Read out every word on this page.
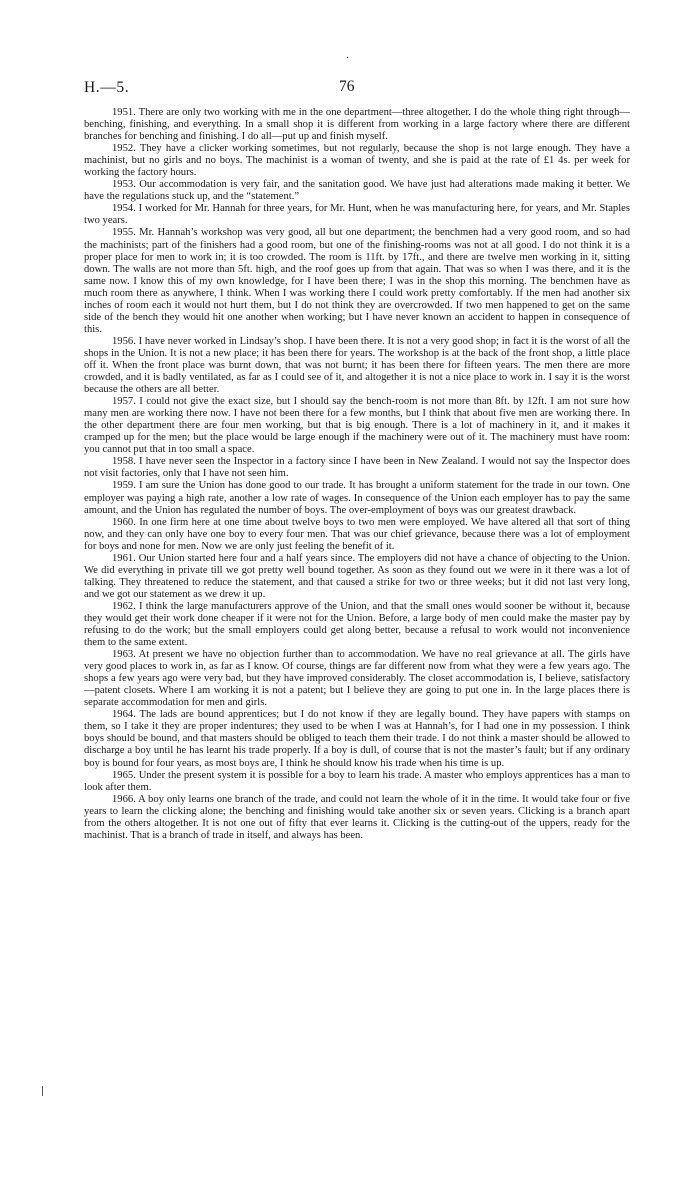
·
H.—5.	76

1951. There are only two working with me in the one department—three altogether. I do the whole thing right through—benching, finishing, and everything. In a small shop it is different from working in a large factory where there are different branches for benching and finishing. I do all—put up and finish myself.

1952. They have a clicker working sometimes, but not regularly, because the shop is not large enough. They have a machinist, but no girls and no boys. The machinist is a woman of twenty, and she is paid at the rate of £1 4s. per week for working the factory hours.

1953. Our accommodation is very fair, and the sanitation good. We have just had alterations made making it better. We have the regulations stuck up, and the “statement.”

1954. I worked for Mr. Hannah for three years, for Mr. Hunt, when he was manufacturing here, for years, and Mr. Staples two years.

1955. Mr. Hannah’s workshop was very good, all but one department; the benchmen had a very good room, and so had the machinists; part of the finishers had a good room, but one of the finishing-rooms was not at all good. I do not think it is a proper place for men to work in; it is too crowded. The room is 11ft. by 17ft., and there are twelve men working in it, sitting down. The walls are not more than 5ft. high, and the roof goes up from that again. That was so when I was there, and it is the same now. I know this of my own knowledge, for I have been there; I was in the shop this morning. The benchmen have as much room there as anywhere, I think. When I was working there I could work pretty comfortably. If the men had another six inches of room each it would not hurt them, but I do not think they are overcrowded. If two men happened to get on the same side of the bench they would hit one another when working; but I have never known an accident to happen in consequence of this.

1956. I have never worked in Lindsay’s shop. I have been there. It is not a very good shop; in fact it is the worst of all the shops in the Union. It is not a new place; it has been there for years. The workshop is at the back of the front shop, a little place off it. When the front place was burnt down, that was not burnt; it has been there for fifteen years. The men there are more crowded, and it is badly ventilated, as far as I could see of it, and altogether it is not a nice place to work in. I say it is the worst because the others are all better.

1957. I could not give the exact size, but I should say the bench-room is not more than 8ft. by 12ft. I am not sure how many men are working there now. I have not been there for a few months, but I think that about five men are working there. In the other department there are four men working, but that is big enough. There is a lot of machinery in it, and it makes it cramped up for the men; but the place would be large enough if the machinery were out of it. The machinery must have room: you cannot put that in too small a space.

1958. I have never seen the Inspector in a factory since I have been in New Zealand. I would not say the Inspector does not visit factories, only that I have not seen him.

1959. I am sure the Union has done good to our trade. It has brought a uniform statement for the trade in our town. One employer was paying a high rate, another a low rate of wages. In consequence of the Union each employer has to pay the same amount, and the Union has regulated the number of boys. The over-employment of boys was our greatest drawback.

1960. In one firm here at one time about twelve boys to two men were employed. We have altered all that sort of thing now, and they can only have one boy to every four men. That was our chief grievance, because there was a lot of employment for boys and none for men. Now we are only just feeling the benefit of it.

1961. Our Union started here four and a half years since. The employers did not have a chance of objecting to the Union. We did everything in private till we got pretty well bound together. As soon as they found out we were in it there was a lot of talking. They threatened to reduce the statement, and that caused a strike for two or three weeks; but it did not last very long, and we got our statement as we drew it up.

1962. I think the large manufacturers approve of the Union, and that the small ones would sooner be without it, because they would get their work done cheaper if it were not for the Union. Before, a large body of men could make the master pay by refusing to do the work; but the small employers could get along better, because a refusal to work would not inconvenience them to the same extent.

1963. At present we have no objection further than to accommodation. We have no real grievance at all. The girls have very good places to work in, as far as I know. Of course, things are far different now from what they were a few years ago. The shops a few years ago were very bad, but they have improved considerably. The closet accommodation is, I believe, satisfactory—patent closets. Where I am working it is not a patent; but I believe they are going to put one in. In the large places there is separate accommodation for men and girls.

1964. The lads are bound apprentices; but I do not know if they are legally bound. They have papers with stamps on them, so I take it they are proper indentures; they used to be when I was at Hannah’s, for I had one in my possession. I think boys should be bound, and that masters should be obliged to teach them their trade. I do not think a master should be allowed to discharge a boy until he has learnt his trade properly. If a boy is dull, of course that is not the master’s fault; but if any ordinary boy is bound for four years, as most boys are, I think he should know his trade when his time is up.

1965. Under the present system it is possible for a boy to learn his trade. A master who employs apprentices has a man to look after them.

1966. A boy only learns one branch of the trade, and could not learn the whole of it in the time. It would take four or five years to learn the clicking alone; the benching and finishing would take another six or seven years. Clicking is a branch apart from the others altogether. It is not one out of fifty that ever learns it. Clicking is the cutting-out of the uppers, ready for the machinist. That is a branch of trade in itself, and always has been.
